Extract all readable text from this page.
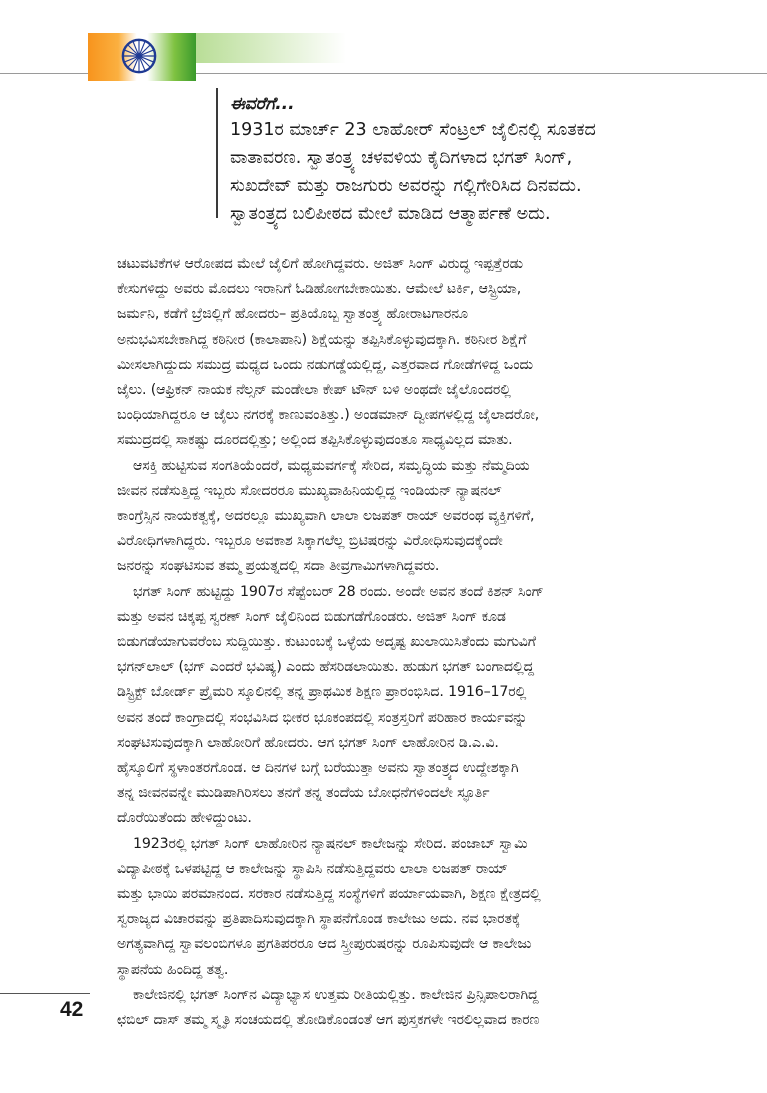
ಈವರೆಗೆ...

1931ರ ಮಾರ್ಚ್ 23 ಲಾಹೋರ್ ಸೆಂಟ್ರಲ್ ಜೈಲಿನಲ್ಲಿ ಸೂತಕದ

ವಾತಾವರಣ. ಸ್ವಾತಂತ್ರ್ಯ ಚಳವಳಿಯ ಕೈದಿಗಳಾದ ಭಗತ್ ಸಿಂಗ್,

ಸುಖದೇವ್ ಮತ್ತು ರಾಜಗುರು ಅವರನ್ನು ಗಲ್ಲಿಗೇರಿಸಿದ ದಿನವದು.

ಸ್ವಾತಂತ್ರ್ಯದ ಬಲಿಪೀಠದ ಮೇಲೆ ಮಾಡಿದ ಆತ್ಮಾರ್ಪಣೆ ಅದು.

ಚಟುವಟಿಕೆಗಳ ಆರೋಪದ ಮೇಲೆ ಜೈಲಿಗೆ ಹೋಗಿದ್ದವರು. ಅಜಿತ್ ಸಿಂಗ್ ವಿರುದ್ಧ ಇಪ್ಪತ್ತೆರಡು

ಕೇಸುಗಳಿದ್ದು ಅವರು ಮೊದಲು ಇರಾನಿಗೆ ಓಡಿಹೋಗಬೇಕಾಯಿತು. ಆಮೇಲೆ ಟರ್ಕಿ, ಆಸ್ಟ್ರಿಯಾ,

ಜರ್ಮನಿ, ಕಡೆಗೆ ಬ್ರೆಜಿಲ್ಲಿಗೆ ಹೋದರು– ಪ್ರತಿಯೊಬ್ಬ ಸ್ವಾತಂತ್ರ್ಯ ಹೋರಾಟಗಾರನೂ

ಅನುಭವಿಸಬೇಕಾಗಿದ್ದ ಕಠಿನೀರ (ಕಾಲಾಪಾನಿ) ಶಿಕ್ಷೆಯನ್ನು ತಪ್ಪಿಸಿಕೊಳ್ಳುವುದಕ್ಕಾಗಿ. ಕಠಿನೀರ ಶಿಕ್ಷೆಗೆ

ಮೀಸಲಾಗಿದ್ದುದು ಸಮುದ್ರ ಮಧ್ಯದ ಒಂದು ನಡುಗಡ್ಡೆಯಲ್ಲಿದ್ದ, ಎತ್ತರವಾದ ಗೋಡೆಗಳಿದ್ದ ಒಂದು

ಜೈಲು. (ಆಫ್ರಿಕನ್ ನಾಯಕ ನೆಲ್ಸನ್ ಮಂಡೇಲಾ ಕೇಪ್ ಟೌನ್ ಬಳಿ ಅಂಥದೇ ಜೈಲೊಂದರಲ್ಲಿ

ಬಂಧಿಯಾಗಿದ್ದರೂ ಆ ಜೈಲು ನಗರಕ್ಕೆ ಕಾಣುವಂತಿತ್ತು.) ಅಂಡಮಾನ್ ದ್ವೀಪಗಳಲ್ಲಿದ್ದ ಜೈಲಾದರೋ,

ಸಮುದ್ರದಲ್ಲಿ ಸಾಕಷ್ಟು ದೂರದಲ್ಲಿತ್ತು; ಅಲ್ಲಿಂದ ತಪ್ಪಿಸಿಕೊಳ್ಳುವುದಂತೂ ಸಾಧ್ಯವಿಲ್ಲದ ಮಾತು.

ಆಸಕ್ತಿ ಹುಟ್ಟಿಸುವ ಸಂಗತಿಯೆಂದರೆ, ಮಧ್ಯಮವರ್ಗಕ್ಕೆ ಸೇರಿದ, ಸಮೃದ್ಧಿಯ ಮತ್ತು ನೆಮ್ಮದಿಯ

ಜೀವನ ನಡೆಸುತ್ತಿದ್ದ ಇಬ್ಬರು ಸೋದರರೂ ಮುಖ್ಯವಾಹಿನಿಯಲ್ಲಿದ್ದ ಇಂಡಿಯನ್ ನ್ಯಾಷನಲ್

ಕಾಂಗ್ರೆಸ್ಸಿನ ನಾಯಕತ್ವಕ್ಕೆ, ಅದರಲ್ಲೂ ಮುಖ್ಯವಾಗಿ ಲಾಲಾ ಲಜಪತ್ ರಾಯ್ ಅವರಂಥ ವ್ಯಕ್ತಿಗಳಿಗೆ,

ವಿರೋಧಿಗಳಾಗಿದ್ದರು. ಇಬ್ಬರೂ ಅವಕಾಶ ಸಿಕ್ಕಾಗಲೆಲ್ಲ ಬ್ರಿಟಿಷರನ್ನು ವಿರೋಧಿಸುವುದಕ್ಕೆಂದೇ

ಜನರನ್ನು ಸಂಘಟಿಸುವ ತಮ್ಮ ಪ್ರಯತ್ನದಲ್ಲಿ ಸದಾ ತೀವ್ರಗಾಮಿಗಳಾಗಿದ್ದವರು.

ಭಗತ್ ಸಿಂಗ್ ಹುಟ್ಟಿದ್ದು 1907ರ ಸೆಪ್ಟೆಂಬರ್ 28 ರಂದು. ಅಂದೇ ಅವನ ತಂದೆ ಕಿಶನ್ ಸಿಂಗ್

ಮತ್ತು ಅವನ ಚಿಕ್ಕಪ್ಪ ಸ್ವರಣ್ ಸಿಂಗ್ ಜೈಲಿನಿಂದ ಬಿಡುಗಡೆಗೊಂಡರು. ಅಜಿತ್ ಸಿಂಗ್ ಕೂಡ

ಬಿಡುಗಡೆಯಾಗುವರೆಂಬ ಸುದ್ದಿಯಿತ್ತು. ಕುಟುಂಬಕ್ಕೆ ಒಳ್ಳೆಯ ಅದೃಷ್ಟ ಖುಲಾಯಿಸಿತೆಂದು ಮಗುವಿಗೆ

ಭಗನ್‌ಲಾಲ್ (ಭಗ್ ಎಂದರೆ ಭವಿಷ್ಯ) ಎಂದು ಹೆಸರಿಡಲಾಯಿತು. ಹುಡುಗ ಭಗತ್ ಬಂಗಾದಲ್ಲಿದ್ದ

ಡಿಸ್ಟ್ರಿಕ್ಟ್ ಬೋರ್ಡ್ ಪ್ರೈಮರಿ ಸ್ಕೂಲಿನಲ್ಲಿ ತನ್ನ ಪ್ರಾಥಮಿಕ ಶಿಕ್ಷಣ ಪ್ರಾರಂಭಿಸಿದ. 1916–17ರಲ್ಲಿ

ಅವನ ತಂದೆ ಕಾಂಗ್ರಾದಲ್ಲಿ ಸಂಭವಿಸಿದ ಭೀಕರ ಭೂಕಂಪದಲ್ಲಿ ಸಂತ್ರಸ್ತರಿಗೆ ಪರಿಹಾರ ಕಾರ್ಯವನ್ನು

ಸಂಘಟಿಸುವುದಕ್ಕಾಗಿ ಲಾಹೋರಿಗೆ ಹೋದರು. ಆಗ ಭಗತ್ ಸಿಂಗ್ ಲಾಹೋರಿನ ಡಿ.ಎ.ವಿ.

ಹೈಸ್ಕೂಲಿಗೆ ಸ್ಥಳಾಂತರಗೊಂಡ. ಆ ದಿನಗಳ ಬಗ್ಗೆ ಬರೆಯುತ್ತಾ ಅವನು ಸ್ವಾತಂತ್ರ್ಯದ ಉದ್ದೇಶಕ್ಕಾಗಿ

ತನ್ನ ಜೀವನವನ್ನೇ ಮುಡಿಪಾಗಿರಿಸಲು ತನಗೆ ತನ್ನ ತಂದೆಯ ಬೋಧನೆಗಳಿಂದಲೇ ಸ್ಫೂರ್ತಿ

ದೊರೆಯಿತೆಂದು ಹೇಳಿದ್ದುಂಟು.

1923ರಲ್ಲಿ ಭಗತ್ ಸಿಂಗ್ ಲಾಹೋರಿನ ನ್ಯಾಷನಲ್ ಕಾಲೇಜನ್ನು ಸೇರಿದ. ಪಂಜಾಬ್ ಸ್ವಾಮಿ

ವಿದ್ಯಾಪೀಠಕ್ಕೆ ಒಳಪಟ್ಟಿದ್ದ ಆ ಕಾಲೇಜನ್ನು ಸ್ಥಾಪಿಸಿ ನಡೆಸುತ್ತಿದ್ದವರು ಲಾಲಾ ಲಜಪತ್ ರಾಯ್

ಮತ್ತು ಭಾಯಿ ಪರಮಾನಂದ. ಸರಕಾರ ನಡೆಸುತ್ತಿದ್ದ ಸಂಸ್ಥೆಗಳಿಗೆ ಪರ್ಯಾಯವಾಗಿ, ಶಿಕ್ಷಣ ಕ್ಷೇತ್ರದಲ್ಲಿ

ಸ್ವರಾಜ್ಯದ ವಿಚಾರವನ್ನು ಪ್ರತಿಪಾದಿಸುವುದಕ್ಕಾಗಿ ಸ್ಥಾಪನೆಗೊಂಡ ಕಾಲೇಜು ಅದು. ನವ ಭಾರತಕ್ಕೆ

ಅಗತ್ಯವಾಗಿದ್ದ ಸ್ವಾವಲಂಬಿಗಳೂ ಪ್ರಗತಿಪರರೂ ಆದ ಸ್ತ್ರೀಪುರುಷರನ್ನು ರೂಪಿಸುವುದೇ ಆ ಕಾಲೇಜು

ಸ್ಥಾಪನೆಯ ಹಿಂದಿದ್ದ ತತ್ವ.

ಕಾಲೇಜಿನಲ್ಲಿ ಭಗತ್ ಸಿಂಗ್‌ನ ವಿದ್ಯಾಭ್ಯಾಸ ಉತ್ತಮ ರೀತಿಯಲ್ಲಿತ್ತು. ಕಾಲೇಜಿನ ಪ್ರಿನ್ಸಿಪಾಲರಾಗಿದ್ದ

ಛಬಿಲ್ ದಾಸ್ ತಮ್ಮ ಸ್ಮೃತಿ ಸಂಚಯದಲ್ಲಿ ತೋಡಿಕೊಂಡಂತೆ ಆಗ ಪುಸ್ತಕಗಳೇ ಇರಲಿಲ್ಲವಾದ ಕಾರಣ

42
